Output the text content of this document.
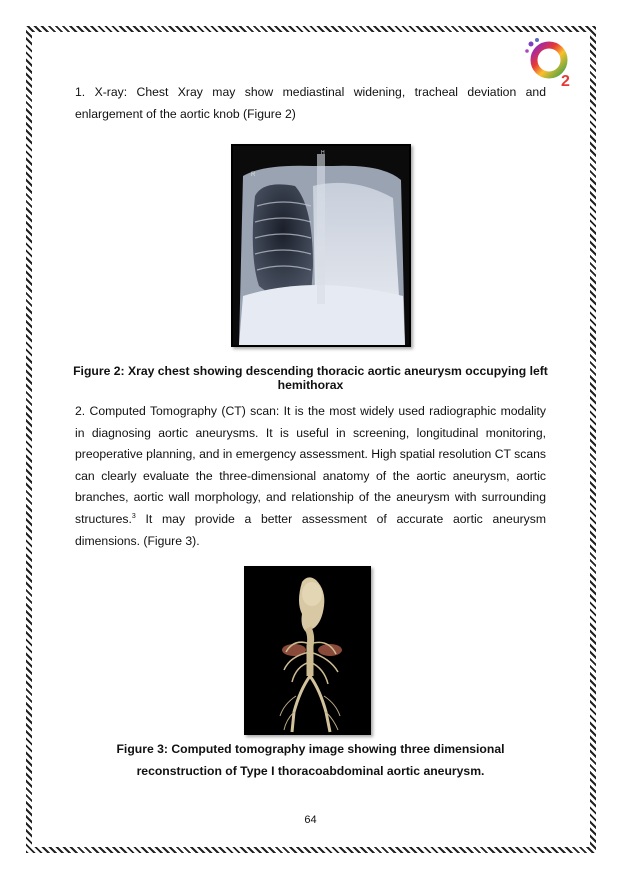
2

1. X-ray: Chest Xray may show mediastinal widening, tracheal deviation and enlargement of the aortic knob (Figure 2)

R
H

Figure 2: Xray chest showing descending thoracic aortic aneurysm occupying left hemithorax

2. Computed Tomography (CT) scan: It is the most widely used radiographic modality in diagnosing aortic aneurysms. It is useful in screening, longitudinal monitoring, preoperative planning, and in emergency assessment. High spatial resolution CT scans can clearly evaluate the three-dimensional anatomy of the aortic aneurysm, aortic branches, aortic wall morphology, and relationship of the aneurysm with surrounding structures.$^3$ It may provide a better assessment of accurate aortic aneurysm dimensions. (Figure 3).

Figure 3: Computed tomography image showing three dimensional
reconstruction of Type I thoracoabdominal aortic aneurysm.

64
